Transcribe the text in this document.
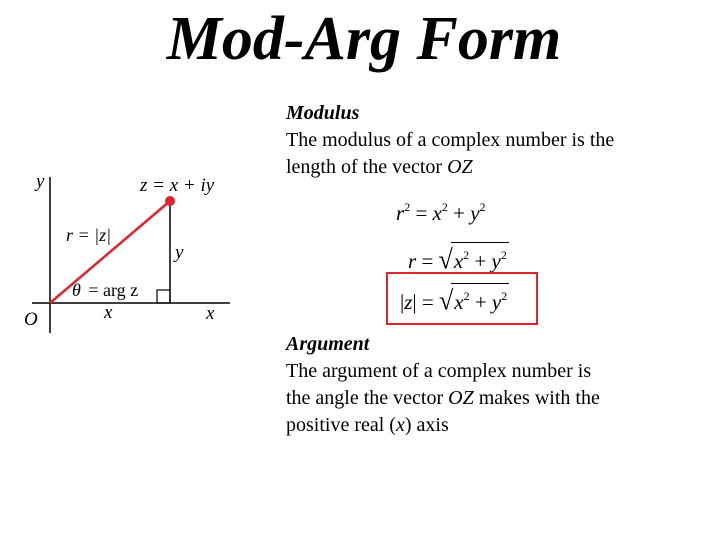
Mod-Arg Form
y
x
O
z = x + iy
r = |z|
y
x
θ = arg z
Modulus
The modulus of a complex number is the
length of the vector OZ
$r^2 = x^2 + y^2$
$r = √x^2 + y^2$
$|z| = √x^2 + y^2$
Argument
The argument of a complex number is
the angle the vector OZ makes with the
positive real (x) axis
